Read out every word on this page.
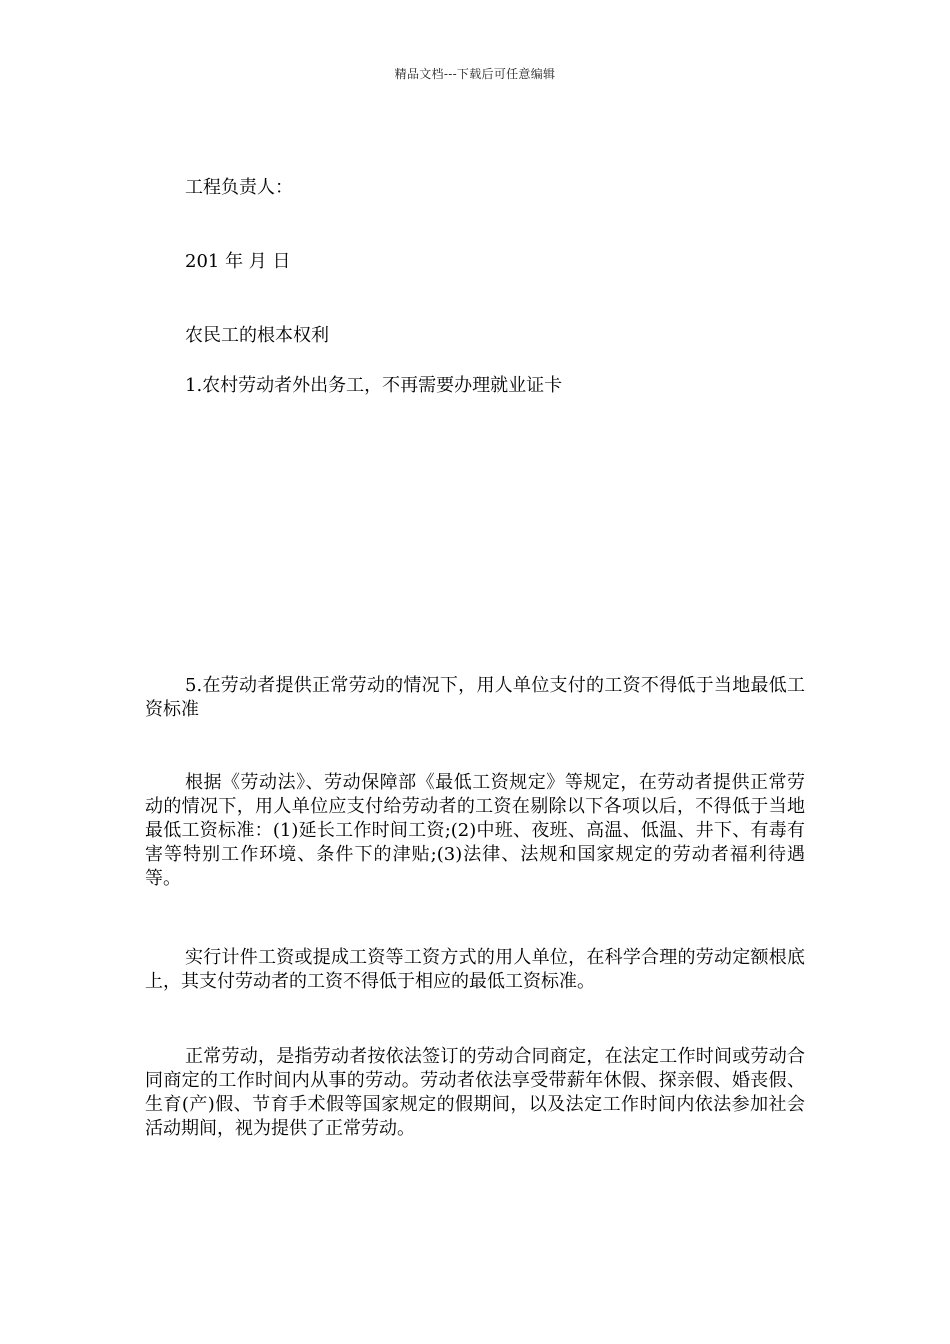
精品文档---下载后可任意编辑
工程负责人：
201 年 月 日
农民工的根本权利
1.农村劳动者外出务工，不再需要办理就业证卡

5.在劳动者提供正常劳动的情况下，用人单位支付的工资不得低于当地最低工资标准

根据《劳动法》、劳动保障部《最低工资规定》等规定，在劳动者提供正常劳动的情况下，用人单位应支付给劳动者的工资在剔除以下各项以后，不得低于当地最低工资标准：(1)延长工作时间工资;(2)中班、夜班、高温、低温、井下、有毒有害等特别工作环境、条件下的津贴;(3)法律、法规和国家规定的劳动者福利待遇等。

实行计件工资或提成工资等工资方式的用人单位，在科学合理的劳动定额根底上，其支付劳动者的工资不得低于相应的最低工资标准。

正常劳动，是指劳动者按依法签订的劳动合同商定，在法定工作时间或劳动合同商定的工作时间内从事的劳动。劳动者依法享受带薪年休假、探亲假、婚丧假、生育(产)假、节育手术假等国家规定的假期间，以及法定工作时间内依法参加社会活动期间，视为提供了正常劳动。
